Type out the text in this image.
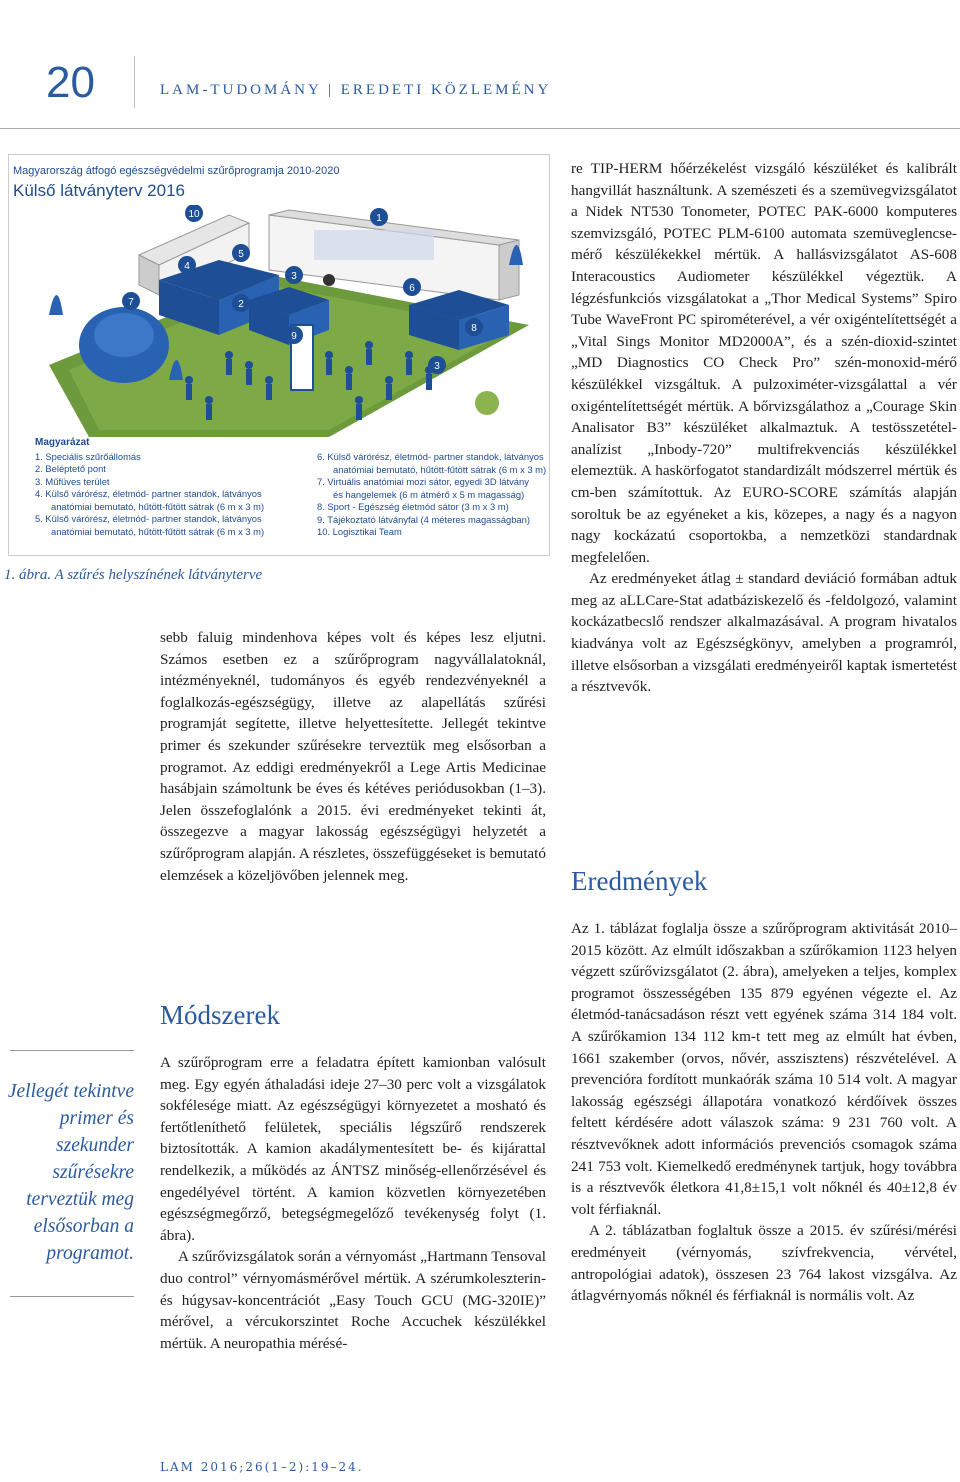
20	LAM-TUDOMÁNY | EREDETI KÖZLEMÉNY
Magyarország átfogó egészségvédelmi szűrőprogramja 2010-2020
Külső látványterv 2016
1
2
3
3
4
5
6
7
8
9
10
Magyarázat
1. Speciális szűrőállomás
2. Beléptető pont
3. Műfüves terület
4. Külső várórész, életmód- partner standok, látványos
anatómiai bemutató, hűtött-fűtött sátrak (6 m x 3 m)
5. Külső várórész, életmód- partner standok, látványos
anatómiai bemutató, hűtött-fűtött sátrak (6 m x 3 m)
6. Külső várórész, életmód- partner standok, látványos
anatómiai bemutató, hűtött-fűtött sátrak (6 m x 3 m)
7. Virtuális anatómiai mozi sátor, egyedi 3D látvány
és hangelemek (6 m átmérő x 5 m magasság)
8. Sport - Egészség életmód sátor (3 m x 3 m)
9. Tájékoztató látványfal (4 méteres magasságban)
10. Logisztikai Team
1. ábra. A szűrés helyszínének látványterve
Jellegét tekintve primer és szekunder szűrésekre terveztük meg elsősorban a programot.

sebb faluig mindenhova képes volt és képes lesz eljutni. Számos esetben ez a szűrőprogram nagyvállalatoknál, intézményeknél, tudományos és egyéb rendezvényeknél a foglalkozás-egészségügy, illetve az alapellátás szűrési programját segítette, illetve helyettesítette. Jellegét tekintve primer és szekunder szűrésekre terveztük meg elsősorban a programot. Az eddigi eredményekről a Lege Artis Medicinae hasábjain számoltunk be éves és kétéves periódusokban (1–3). Jelen összefoglalónk a 2015. évi eredményeket tekinti át, összegezve a magyar lakosság egészségügyi helyzetét a szűrőprogram alapján. A részletes, összefüggéseket is bemutató elemzések a közeljövőben jelennek meg.

Módszerek

A szűrőprogram erre a feladatra épített kamionban valósult meg. Egy egyén áthaladási ideje 27–30 perc volt a vizsgálatok sokfélesége miatt. Az egészségügyi környezetet a mosható és fertőtleníthető felületek, speciális légszűrő rendszerek biztosították. A kamion akadálymentesített be- és kijárattal rendelkezik, a működés az ÁNTSZ minőség-ellenőrzésével és engedélyével történt. A kamion közvetlen környezetében egészségmegőrző, betegségmegelőző tevékenység folyt (1. ábra).

A szűrővizsgálatok során a vérnyomást „Hartmann Tensoval duo control” vérnyomásmérővel mértük. A szérumkoleszterin- és húgysav-koncentrációt „Easy Touch GCU (MG-320IE)” mérővel, a vércukorszintet Roche Accuchek készülékkel mértük. A neuropathia mérésé-

re TIP-HERM hőérzékelést vizsgáló készüléket és kalibrált hangvillát használtunk. A szemészeti és a szemüvegvizsgálatot a Nidek NT530 Tonometer, POTEC PAK-6000 komputeres szemvizsgáló, POTEC PLM-6100 automata szemüveglencse-mérő készülékekkel mértük. A hallásvizsgálatot AS-608 Interacoustics Audiometer készülékkel végeztük. A légzésfunkciós vizsgálatokat a „Thor Medical Systems” Spiro Tube WaveFront PC spirométerével, a vér oxigéntelítettségét a „Vital Sings Monitor MD2000A”, és a szén-dioxid-szintet „MD Diagnostics CO Check Pro” szén-monoxid-mérő készülékkel vizsgáltuk. A pulzoximéter-vizsgálattal a vér oxigéntelítettségét mértük. A bőrvizsgálathoz a „Courage Skin Analisator B3” készüléket alkalmaztuk. A testösszetétel-analízist „Inbody-720” multifrekvenciás készülékkel elemeztük. A haskörfogatot standardizált módszerrel mértük és cm-ben számítottuk. Az EURO-SCORE számítás alapján soroltuk be az egyéneket a kis, közepes, a nagy és a nagyon nagy kockázatú csoportokba, a nemzetközi standardnak megfelelően.

Az eredményeket átlag ± standard deviáció formában adtuk meg az aLLCare-Stat adatbáziskezelő és -feldolgozó, valamint kockázatbecslő rendszer alkalmazásával. A program hivatalos kiadványa volt az Egészségkönyv, amelyben a programról, illetve elsősorban a vizsgálati eredményeiről kaptak ismertetést a résztvevők.

Eredmények

Az 1. táblázat foglalja össze a szűrőprogram aktivitását 2010–2015 között. Az elmúlt időszakban a szűrőkamion 1123 helyen végzett szűrővizsgálatot (2. ábra), amelyeken a teljes, komplex programot összességében 135 879 egyénen végezte el. Az életmód-tanácsadáson részt vett egyének száma 314 184 volt. A szűrőkamion 134 112 km-t tett meg az elmúlt hat évben, 1661 szakember (orvos, nővér, asszisztens) részvételével. A prevencióra fordított munkaórák száma 10 514 volt. A magyar lakosság egészségi állapotára vonatkozó kérdőívek összes feltett kérdésére adott válaszok száma: 9 231 760 volt. A résztvevőknek adott információs prevenciós csomagok száma 241 753 volt. Kiemelkedő eredménynek tartjuk, hogy továbbra is a résztvevők életkora 41,8±15,1 volt nőknél és 40±12,8 év volt férfiaknál.

A 2. táblázatban foglaltuk össze a 2015. év szűrési/mérési eredményeit (vérnyomás, szívfrekvencia, vérvétel, antropológiai adatok), összesen 23 764 lakost vizsgálva. Az átlagvérnyomás nőknél és férfiaknál is normális volt. Az

LAM 2016;26(1–2):19–24.
